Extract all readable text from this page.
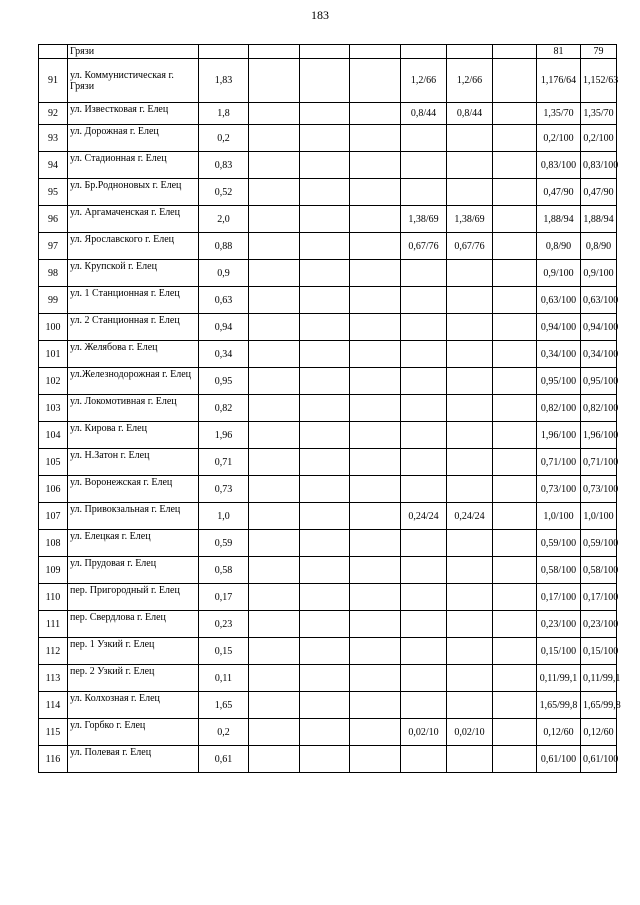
183
	Грязи								81	79
91	ул. Коммунистическая г. Грязи	1,83				1,2/66	1,2/66		1,176/64	1,152/63
92	ул. Известковая г. Елец	1,8				0,8/44	0,8/44		1,35/70	1,35/70
93	ул. Дорожная г. Елец	0,2							0,2/100	0,2/100
94	ул. Стадионная г. Елец	0,83							0,83/100	0,83/100
95	ул. Бр.Родноновых г. Елец	0,52							0,47/90	0,47/90
96	ул. Аргамаченская г. Елец	2,0				1,38/69	1,38/69		1,88/94	1,88/94
97	ул. Ярославского г. Елец	0,88				0,67/76	0,67/76		0,8/90	0,8/90
98	ул. Крупской г. Елец	0,9							0,9/100	0,9/100
99	ул. 1 Станционная г. Елец	0,63							0,63/100	0,63/100
100	ул. 2 Станционная г. Елец	0,94							0,94/100	0,94/100
101	ул. Желябова г. Елец	0,34							0,34/100	0,34/100
102	ул.Железнодорожная г. Елец	0,95							0,95/100	0,95/100
103	ул. Локомотивная г. Елец	0,82							0,82/100	0,82/100
104	ул. Кирова г. Елец	1,96							1,96/100	1,96/100
105	ул. Н.Затон г. Елец	0,71							0,71/100	0,71/100
106	ул. Воронежская г. Елец	0,73							0,73/100	0,73/100
107	ул. Привокзальная г. Елец	1,0				0,24/24	0,24/24		1,0/100	1,0/100
108	ул. Елецкая г. Елец	0,59							0,59/100	0,59/100
109	ул. Прудовая г. Елец	0,58							0,58/100	0,58/100
110	пер. Пригородный г. Елец	0,17							0,17/100	0,17/100
111	пер. Свердлова г. Елец	0,23							0,23/100	0,23/100
112	пер. 1 Узкий г. Елец	0,15							0,15/100	0,15/100
113	пер. 2 Узкий г. Елец	0,11							0,11/99,1	0,11/99,1
114	ул. Колхозная г. Елец	1,65							1,65/99,8	1,65/99,8
115	ул. Горбко г. Елец	0,2				0,02/10	0,02/10		0,12/60	0,12/60
116	ул. Полевая г. Елец	0,61							0,61/100	0,61/100
